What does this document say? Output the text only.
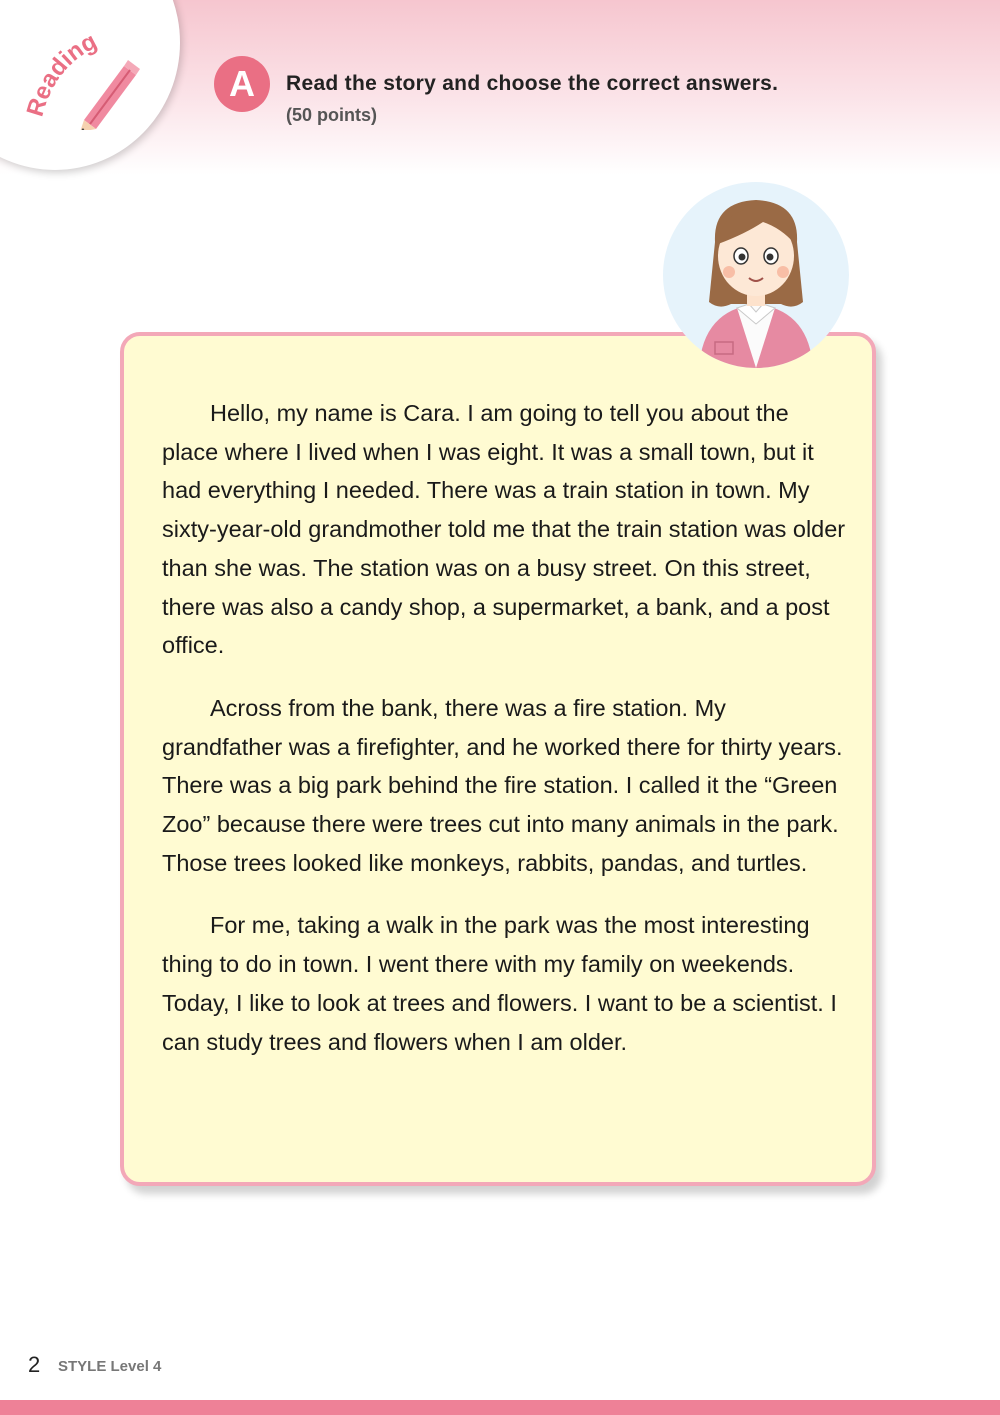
Reading
A	Read the story and choose the correct answers.
(50 points)

Hello, my name is Cara. I am going to tell you about the place where I lived when I was eight. It was a small town, but it had everything I needed. There was a train station in town. My sixty-year-old grandmother told me that the train station was older than she was. The station was on a busy street. On this street, there was also a candy shop, a supermarket, a bank, and a post office.

Across from the bank, there was a fire station. My grandfather was a firefighter, and he worked there for thirty years. There was a big park behind the fire station. I called it the “Green Zoo” because there were trees cut into many animals in the park. Those trees looked like monkeys, rabbits, pandas, and turtles.

For me, taking a walk in the park was the most interesting thing to do in town. I went there with my family on weekends. Today, I like to look at trees and flowers. I want to be a scientist. I can study trees and flowers when I am older.

2 STYLE Level 4
